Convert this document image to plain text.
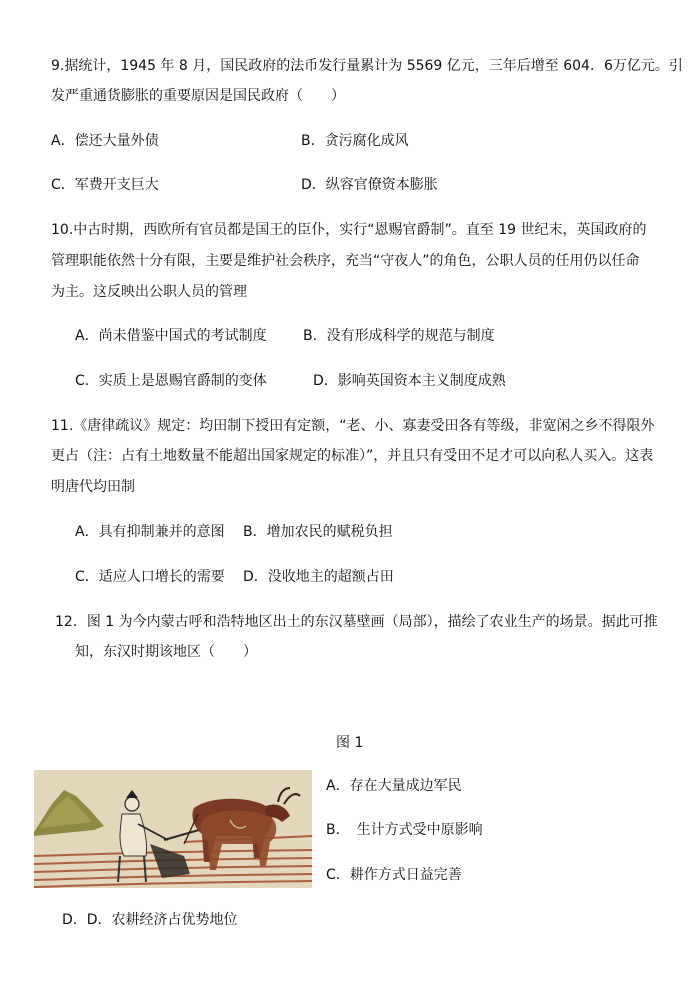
9.据统计，1945 年 8 月，国民政府的法币发行量累计为 5569 亿元，三年后增至 604．6万亿元。引
发严重通货膨胀的重要原因是国民政府（　　）
A．偿还大量外债	B．贪污腐化成风
C．军费开支巨大	D．纵容官僚资本膨胀
10.中古时期，西欧所有官员都是国王的臣仆，实行“恩赐官爵制”。直至 19 世纪末，英国政府的
管理职能依然十分有限，主要是维护社会秩序，充当“守夜人”的角色，公职人员的任用仍以任命
为主。这反映出公职人员的管理
A．尚未借鉴中国式的考试制度	B．没有形成科学的规范与制度
C．实质上是恩赐官爵制的变体	D．影响英国资本主义制度成熟
11.《唐律疏议》规定：均田制下授田有定额，“老、小、寡妻受田各有等级，非宽闲之乡不得限外
更占（注：占有土地数量不能超出国家规定的标准）”，并且只有受田不足才可以向私人买入。这表
明唐代均田制
A．具有抑制兼并的意图 B．增加农民的赋税负担
C．适应人口增长的需要 D．没收地主的超额占田
12．图 1 为今内蒙古呼和浩特地区出土的东汉墓壁画（局部），描绘了农业生产的场景。据此可推
知，东汉时期该地区（　　）
图 1
A．存在大量成边军民
B．　生计方式受中原影响
C．耕作方式日益完善
D．D．农耕经济占优势地位
